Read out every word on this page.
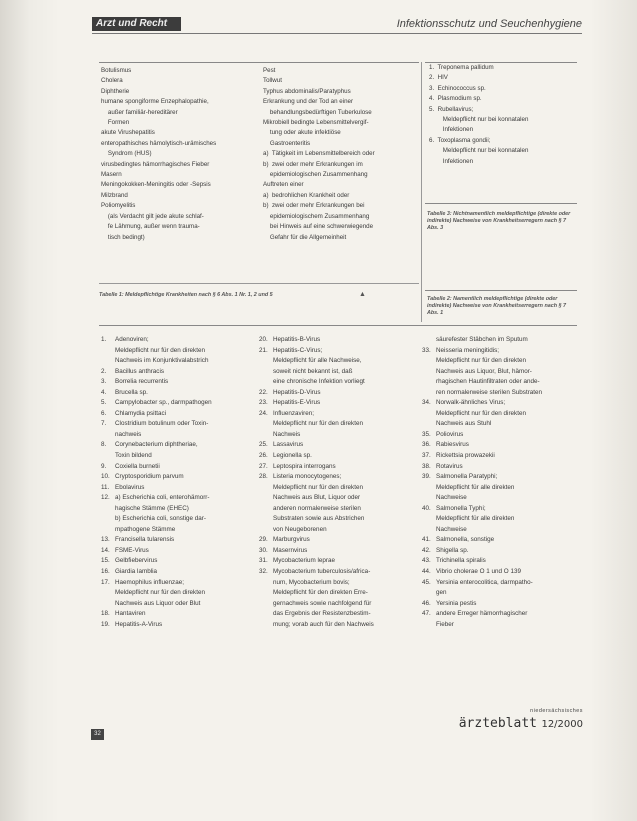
Arzt und Recht	Infektionsschutz und Seuchenhygiene
Botulismus
Cholera
Diphtherie
humane spongiforme Enzephalopathie,
außer familiär-hereditärer
Formen
akute Virushepatitis
enteropathisches hämolytisch-urämisches
Syndrom (HUS)
virusbedingtes hämorrhagisches Fieber
Masern
Meningokokken-Meningitis oder -Sepsis
Milzbrand
Poliomyelitis
(als Verdacht gilt jede akute schlaf-
fe Lähmung, außer wenn trauma-
tisch bedingt)
Pest
Tollwut
Typhus abdominalis/Paratyphus
Erkrankung und der Tod an einer
behandlungsbedürftigen Tuberkulose
Mikrobiell bedingte Lebensmittelvergif-
tung oder akute infektiöse
Gastroenteritis
a)  Tätigkeit im Lebensmittelbereich oder
b)  zwei oder mehr Erkrankungen im
epidemiologischen Zusammenhang
Auftreten einer
a)  bedrohlichen Krankheit oder
b)  zwei oder mehr Erkrankungen bei
epidemiologischem Zusammenhang
bei Hinweis auf eine schwerwiegende
Gefahr für die Allgemeinheit
Tabelle 1: Meldepflichtige Krankheiten nach § 6 Abs. 1 Nr. 1, 2 und 5	▲
1.  Treponema pallidum
2.  HIV
3.  Echinococcus sp.
4.  Plasmodium sp.
5.  Rubellavirus;
Meldepflicht nur bei konnatalen
Infektionen
6.  Toxoplasma gondii;
Meldepflicht nur bei konnatalen
Infektionen
Tabelle 3: Nichtnamentlich meldepflichtige (direkte oder indirekte) Nachweise von Krankheitserregern nach § 7 Abs. 3
Tabelle 2: Namentlich meldepflichtige (direkte oder indirekte) Nachweise von Krankheitserregern nach § 7 Abs. 1
1. Adenoviren;
Meldepflicht nur für den direkten
Nachweis im Konjunktivalabstrich
2. Bacillus anthracis
3. Borrelia recurrentis
4. Brucella sp.
5. Campylobacter sp., darmpathogen
6. Chlamydia psittaci
7. Clostridium botulinum oder Toxin-
nachweis
8. Corynebacterium diphtheriae,
Toxin bildend
9. Coxiella burnetii
10. Cryptosporidium parvum
11. Ebolavirus
12. a) Escherichia coli, enterohämorr-
hagische Stämme (EHEC)
b) Escherichia coli, sonstige dar-
mpathogene Stämme
13. Francisella tularensis
14. FSME-Virus
15. Gelbfiebervirus
16. Giardia lamblia
17. Haemophilus influenzae;
Meldepflicht nur für den direkten
Nachweis aus Liquor oder Blut
18. Hantaviren
19. Hepatitis-A-Virus
20. Hepatitis-B-Virus
21. Hepatitis-C-Virus;
Meldepflicht für alle Nachweise,
soweit nicht bekannt ist, daß
eine chronische Infektion vorliegt
22. Hepatitis-D-Virus
23. Hepatitis-E-Virus
24. Influenzaviren;
Meldepflicht nur für den direkten
Nachweis
25. Lassavirus
26. Legionella sp.
27. Leptospira interrogans
28. Listeria monocytogenes;
Meldepflicht nur für den direkten
Nachweis aus Blut, Liquor oder
anderen normalerweise sterilen
Substraten sowie aus Abstrichen
von Neugeborenen
29. Marburgvirus
30. Masernvirus
31. Mycobacterium leprae
32. Mycobacterium tuberculosis/africa-
num, Mycobacterium bovis;
Meldepflicht für den direkten Erre-
gernachweis sowie nachfolgend für
das Ergebnis der Resistenzbestim-
mung; vorab auch für den Nachweis
säurefester Stäbchen im Sputum
33. Neisseria meningitidis;
Meldepflicht nur für den direkten
Nachweis aus Liquor, Blut, hämor-
rhagischen Hautinfiltraten oder ande-
ren normalerweise sterilen Substraten
34. Norwalk-ähnliches Virus;
Meldepflicht nur für den direkten
Nachweis aus Stuhl
35. Poliovirus
36. Rabiesvirus
37. Rickettsia prowazekii
38. Rotavirus
39. Salmonella Paratyphi;
Meldepflicht für alle direkten
Nachweise
40. Salmonella Typhi;
Meldepflicht für alle direkten
Nachweise
41. Salmonella, sonstige
42. Shigella sp.
43. Trichinella spiralis
44. Vibrio cholerae O 1 und O 139
45. Yersinia enterocolitica, darmpatho-
gen
46. Yersinia pestis
47. andere Erreger hämorrhagischer
Fieber
32
niedersächsisches
ärzteblatt 12/2000
